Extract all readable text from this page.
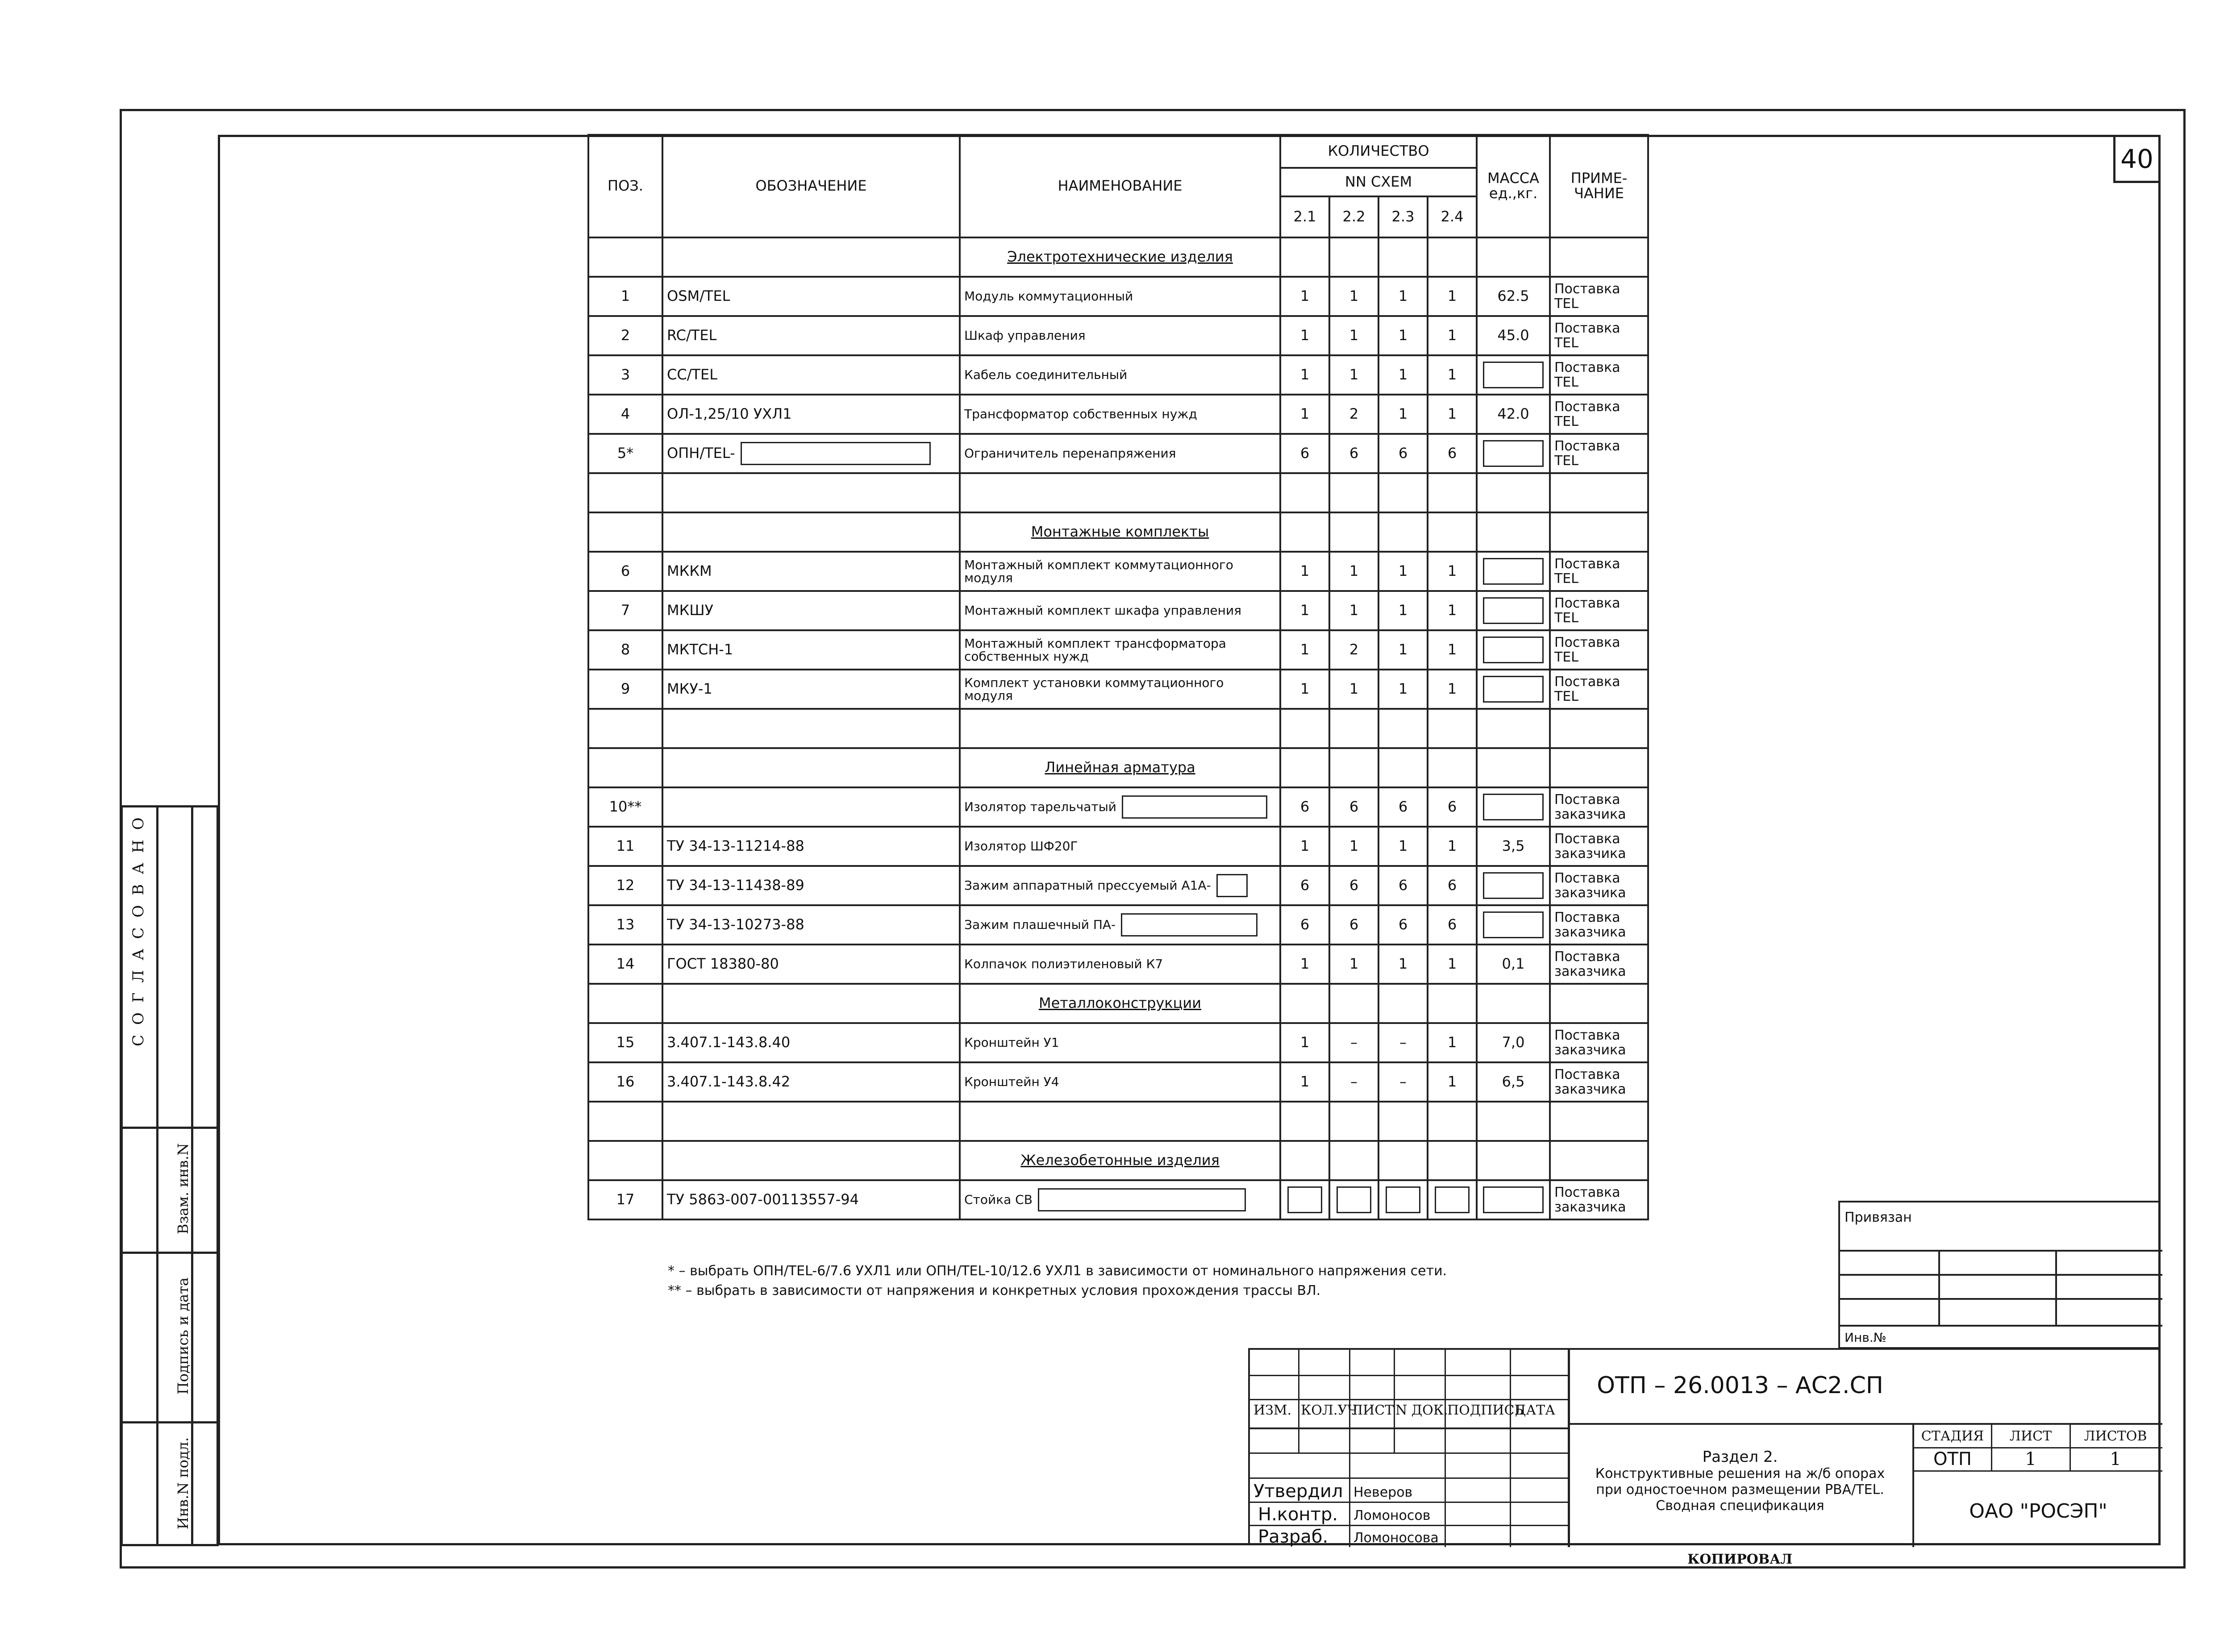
40
ПОЗ.	ОБОЗНАЧЕНИЕ	НАИМЕНОВАНИЕ	КОЛИЧЕСТВО				МАССА ед.,кг.	ПРИМЕ- ЧАНИЕ
			NN СХЕМ					
			2.1	2.2	2.3	2.4		
		Электротехнические изделия						
1	OSM/TEL	Модуль коммутационный	1	1	1	1	62.5	Поставка TEL

2	RC/TEL	Шкаф управления	1	1	1	1	45.0	Поставка TEL

3	CC/TEL	Кабель соединительный	1	1	1	1		Поставка TEL

4	ОЛ-1,25/10 УХЛ1	Трансформатор собственных нужд	1	2	1	1	42.0	Поставка TEL

5*	ОПН/TEL-	Ограничитель перенапряжения	6	6	6	6		Поставка TEL

		Монтажные комплекты						
6	МККМ	Монтажный комплект коммутационного модуля	1	1	1	1		Поставка TEL

7	МКШУ	Монтажный комплект шкафа управления	1	1	1	1		Поставка TEL

8	МКТСН-1	Монтажный комплект трансформатора собственных нужд	1	2	1	1		Поставка TEL

9	МКУ-1	Комплект установки коммутационного модуля	1	1	1	1		Поставка TEL

		Линейная арматура						
10**		Изолятор тарельчатый	6	6	6	6		Поставка заказчика

11	ТУ 34-13-11214-88	Изолятор ШФ20Г	1	1	1	1	3,5	Поставка заказчика

12	ТУ 34-13-11438-89	Зажим аппаратный прессуемый А1А-	6	6	6	6		Поставка заказчика

13	ТУ 34-13-10273-88	Зажим плашечный ПА-	6	6	6	6		Поставка заказчика

14	ГОСТ 18380-80	Колпачок полиэтиленовый К7	1	1	1	1	0,1	Поставка заказчика

		Металлоконструкции						
15	3.407.1-143.8.40	Кронштейн У1	1	–	–	1	7,0	Поставка заказчика

16	3.407.1-143.8.42	Кронштейн У4	1	–	–	1	6,5	Поставка заказчика

		Железобетонные изделия						
17	ТУ 5863-007-00113557-94	Стойка СВ						Поставка заказчика
* – выбрать ОПН/TEL-6/7.6 УХЛ1 или ОПН/TEL-10/12.6 УХЛ1 в зависимости от номинального напряжения сети.
** – выбрать в зависимости от напряжения и конкретных условия прохождения трассы ВЛ.
СОГЛАСОВАНО
Взам. инв.N
Подпись и дата
Инв.N подл.
Привязан
Инв.№
ИЗМ. КОЛ.УЧ
ЛИСТ N ДОК.
ПОДПИСЬ
ДАТА
Утвердил Неверов
Н.контр. Ломоносов
Разраб. Ломоносова
ОТП – 26.0013 – АС2.СП
Раздел 2.
Конструктивные решения на ж/б опорах
при одностоечном размещении РВА/TEL.
Сводная спецификация
СТАДИЯ	ЛИСТ	ЛИСТОВ
ОТП	1	1
ОАО "РОСЭП"
КОПИРОВАЛ
